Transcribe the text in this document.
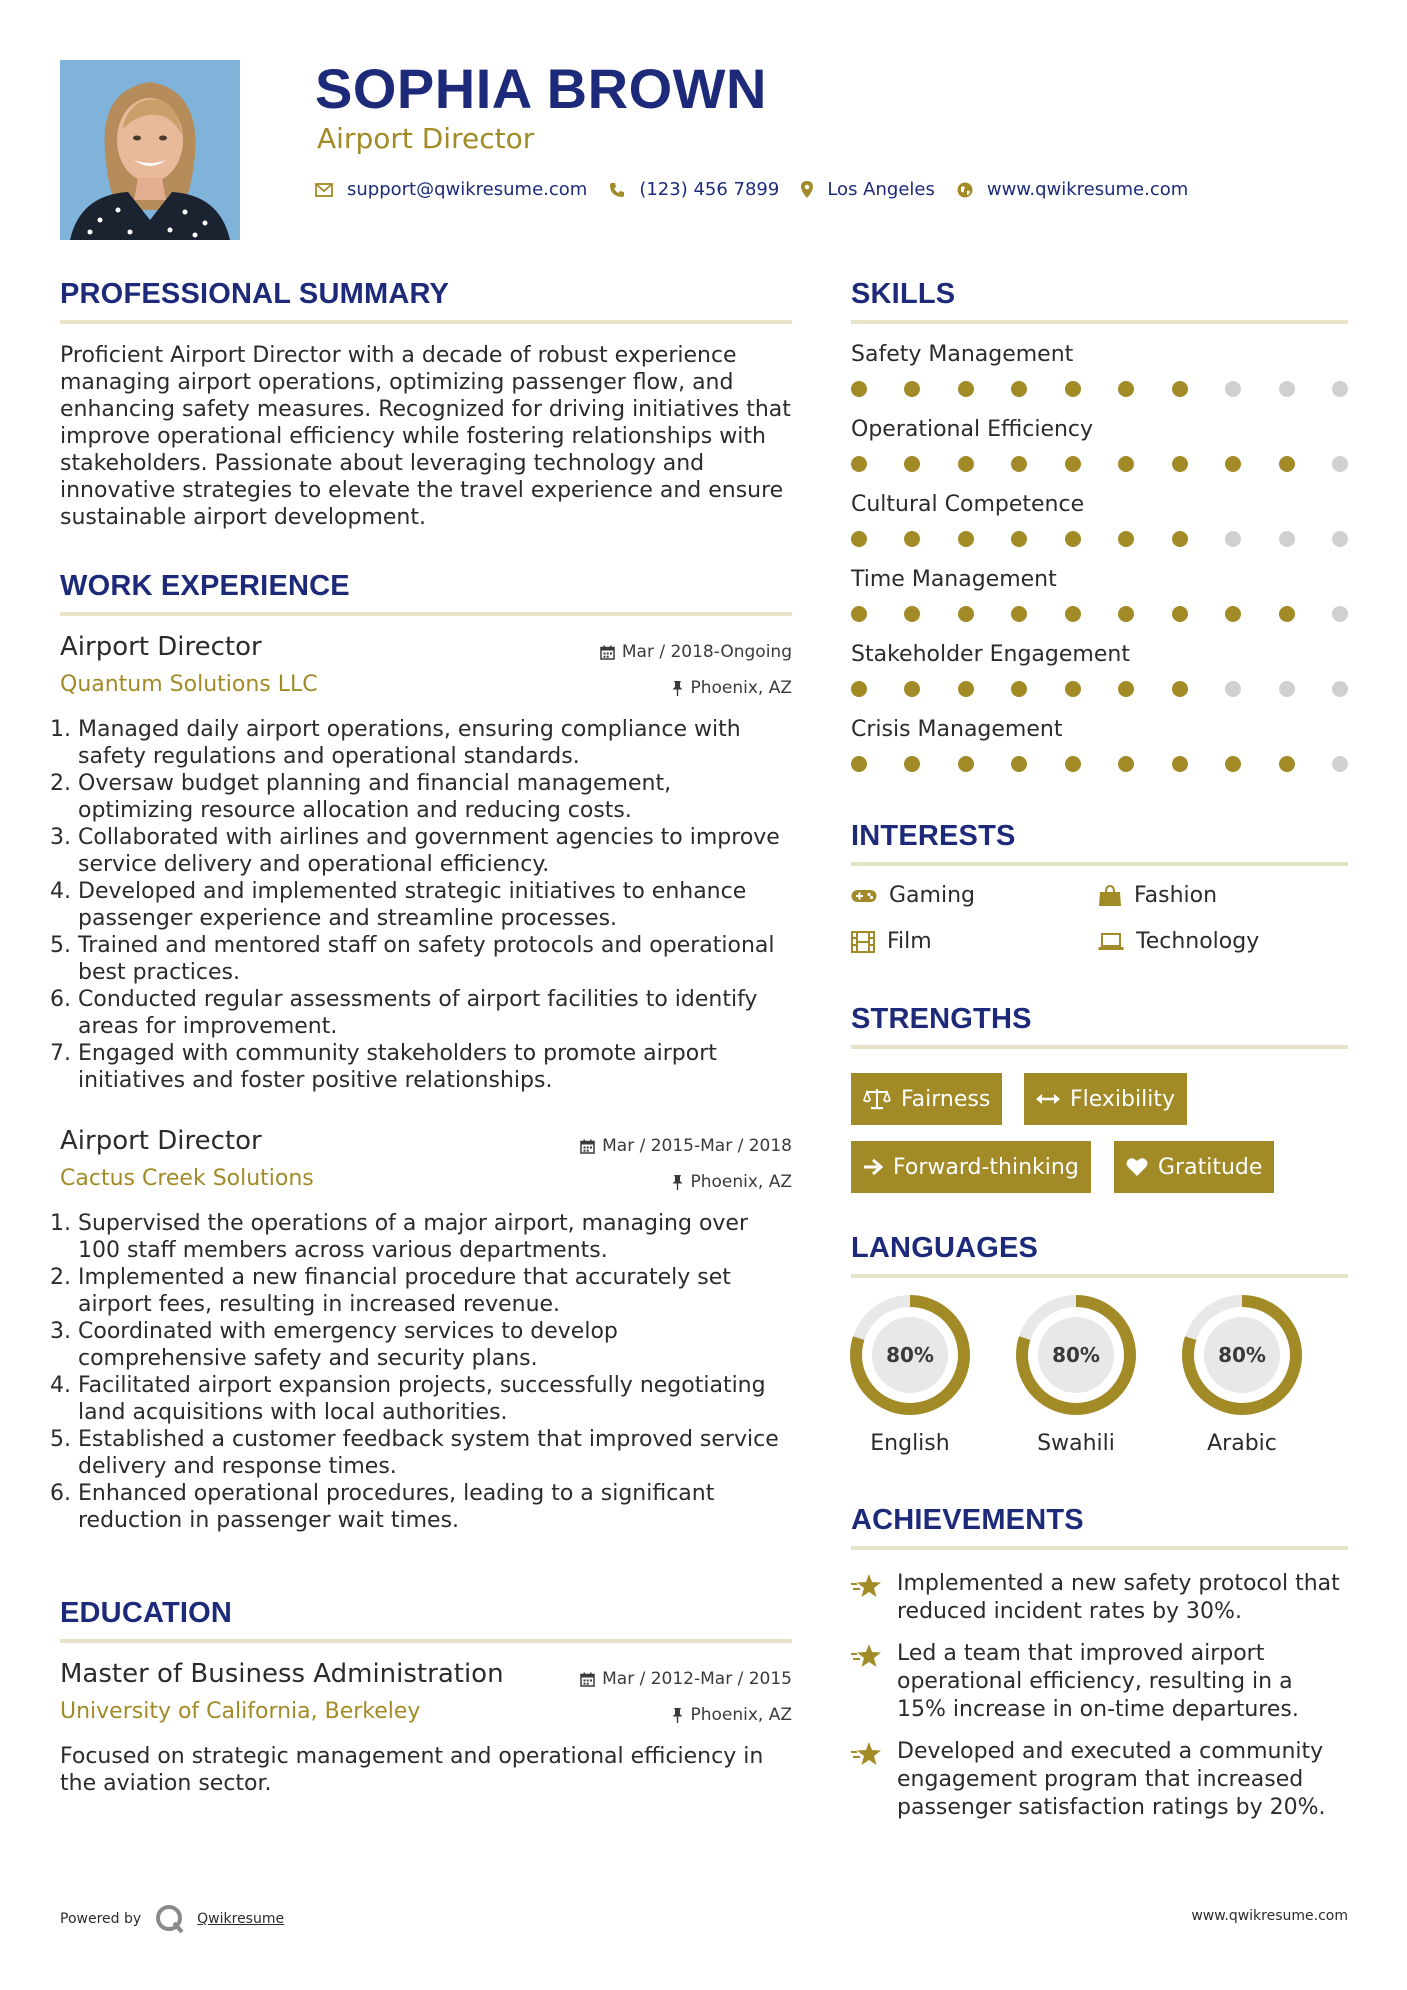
SOPHIA BROWN
Airport Director
support@qwikresume.com	(123) 456 7899	Los Angeles	www.qwikresume.com
PROFESSIONAL SUMMARY
Proficient Airport Director with a decade of robust experience managing airport operations, optimizing passenger flow, and enhancing safety measures. Recognized for driving initiatives that improve operational efficiency while fostering relationships with stakeholders. Passionate about leveraging technology and innovative strategies to elevate the travel experience and ensure sustainable airport development.
WORK EXPERIENCE
Airport Director
Quantum Solutions LLC
Mar / 2018-Ongoing
Phoenix, AZ
1. Managed daily airport operations, ensuring compliance with safety regulations and operational standards.
2. Oversaw budget planning and financial management, optimizing resource allocation and reducing costs.
3. Collaborated with airlines and government agencies to improve service delivery and operational efficiency.
4. Developed and implemented strategic initiatives to enhance passenger experience and streamline processes.
5. Trained and mentored staff on safety protocols and operational best practices.
6. Conducted regular assessments of airport facilities to identify areas for improvement.
7. Engaged with community stakeholders to promote airport initiatives and foster positive relationships.
Airport Director
Cactus Creek Solutions
Mar / 2015-Mar / 2018
Phoenix, AZ
1. Supervised the operations of a major airport, managing over 100 staff members across various departments.
2. Implemented a new financial procedure that accurately set airport fees, resulting in increased revenue.
3. Coordinated with emergency services to develop comprehensive safety and security plans.
4. Facilitated airport expansion projects, successfully negotiating land acquisitions with local authorities.
5. Established a customer feedback system that improved service delivery and response times.
6. Enhanced operational procedures, leading to a significant reduction in passenger wait times.
EDUCATION
Master of Business Administration
University of California, Berkeley
Mar / 2012-Mar / 2015
Phoenix, AZ
Focused on strategic management and operational efficiency in the aviation sector.
SKILLS
Safety Management
Operational Efficiency
Cultural Competence
Time Management
Stakeholder Engagement
Crisis Management
INTERESTS
Gaming	Fashion
Film	Technology
STRENGTHS
Fairness	Flexibility
Forward-thinking	Gratitude
LANGUAGES
80%
English
80%
Swahili
80%
Arabic
ACHIEVEMENTS
Implemented a new safety protocol that reduced incident rates by 30%.
Led a team that improved airport operational efficiency, resulting in a 15% increase in on-time departures.
Developed and executed a community engagement program that increased passenger satisfaction ratings by 20%.
Powered by	Qwikresume	www.qwikresume.com
